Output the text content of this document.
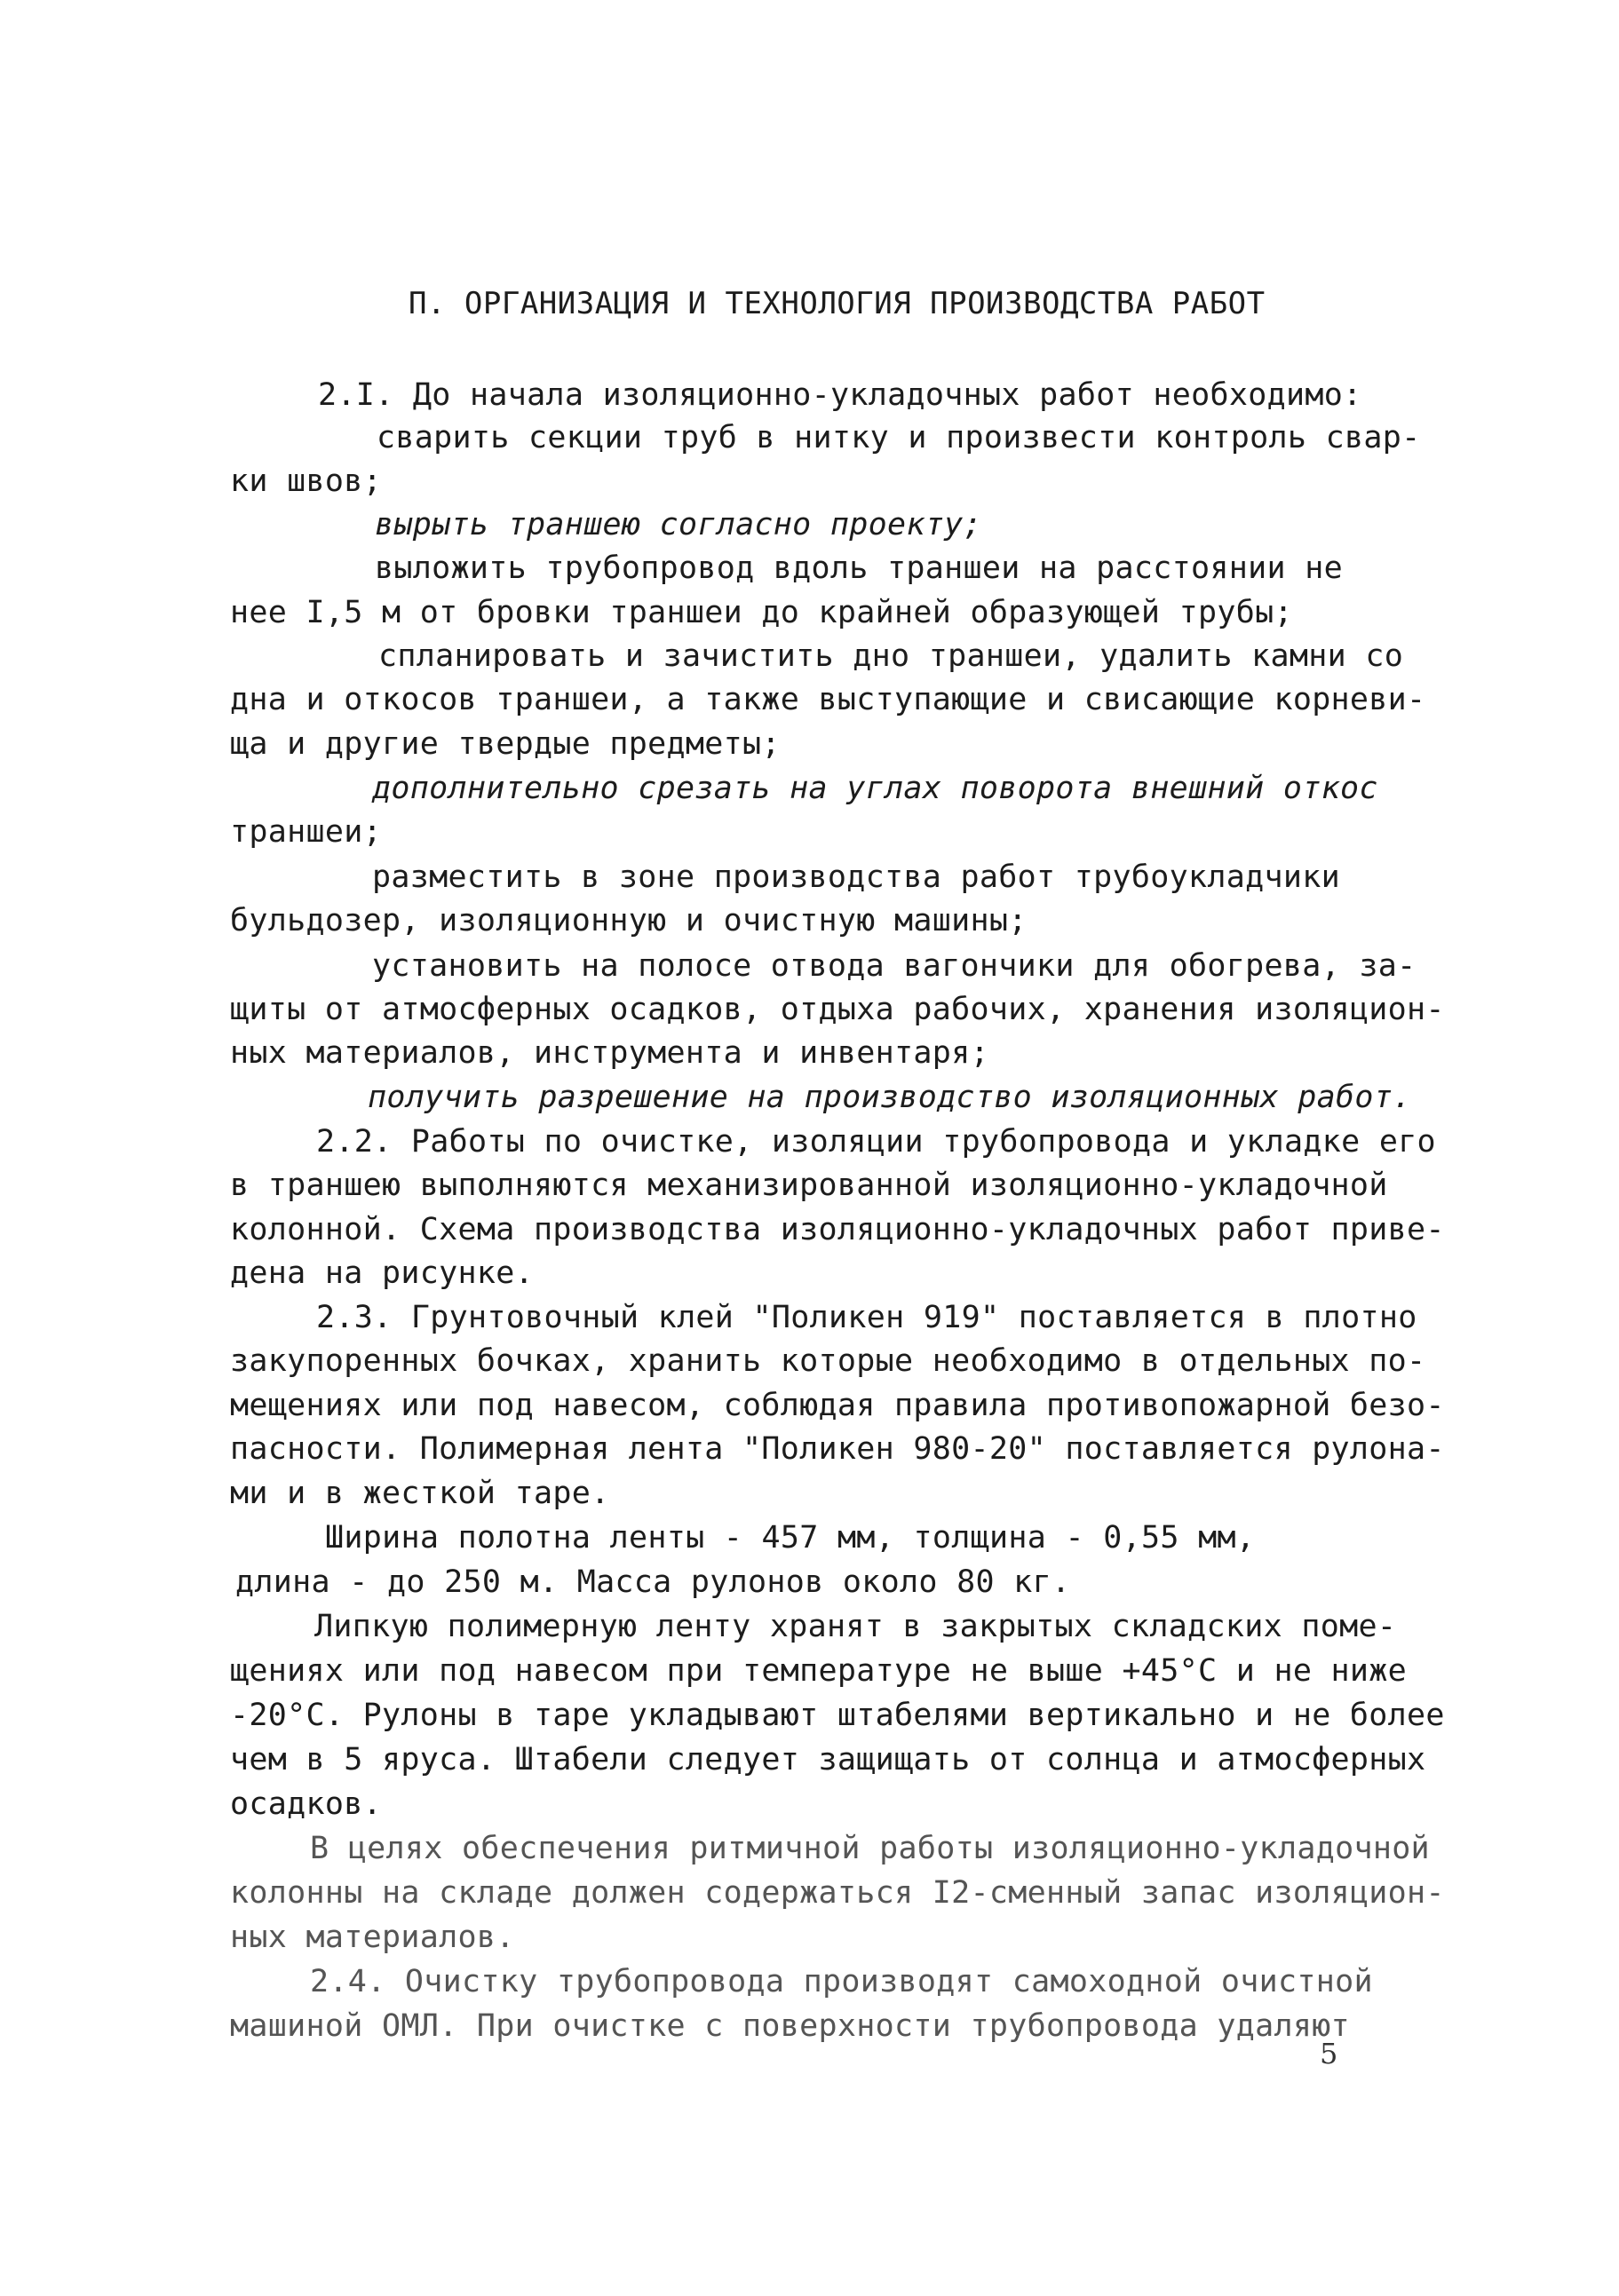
П. ОРГАНИЗАЦИЯ И ТЕХНОЛОГИЯ ПРОИЗВОДСТВА РАБОТ
2.I. До начала изоляционно-укладочных работ необходимо:
сварить секции труб в нитку и произвести контроль свар-
ки швов;
вырыть траншею согласно проекту;
выложить трубопровод вдоль траншеи на расстоянии не
нее I,5 м от бровки траншеи до крайней образующей трубы;
спланировать и зачистить дно траншеи, удалить камни со
дна и откосов траншеи, а также выступающие и свисающие корневи-
ща и другие твердые предметы;
дополнительно срезать на углах поворота внешний откос
траншеи;
разместить в зоне производства работ трубоукладчики
бульдозер, изоляционную и очистную машины;
установить на полосе отвода вагончики для обогрева, за-
щиты от атмосферных осадков, отдыха рабочих, хранения изоляцион-
ных материалов, инструмента и инвентаря;
получить разрешение на производство изоляционных работ.
2.2. Работы по очистке, изоляции трубопровода и укладке его
в траншею выполняются механизированной изоляционно-укладочной
колонной. Схема производства изоляционно-укладочных работ приве-
дена на рисунке.
2.3. Грунтовочный клей "Поликен 919" поставляется в плотно
закупоренных бочках, хранить которые необходимо в отдельных по-
мещениях или под навесом, соблюдая правила противопожарной безо-
пасности. Полимерная лента "Поликен 980-20" поставляется рулона-
ми и в жесткой таре.
Ширина полотна ленты - 457 мм, толщина - 0,55 мм,
длина - до 250 м. Масса рулонов около 80 кг.
Липкую полимерную ленту хранят в закрытых складских поме-
щениях или под навесом при температуре не выше +45°С и не ниже
-20°С. Рулоны в таре укладывают штабелями вертикально и не более
чем в 5 яруса. Штабели следует защищать от солнца и атмосферных
осадков.
В целях обеспечения ритмичной работы изоляционно-укладочной
колонны на складе должен содержаться I2-сменный запас изоляцион-
ных материалов.
2.4. Очистку трубопровода производят самоходной очистной
машиной ОМЛ. При очистке с поверхности трубопровода удаляют
5
